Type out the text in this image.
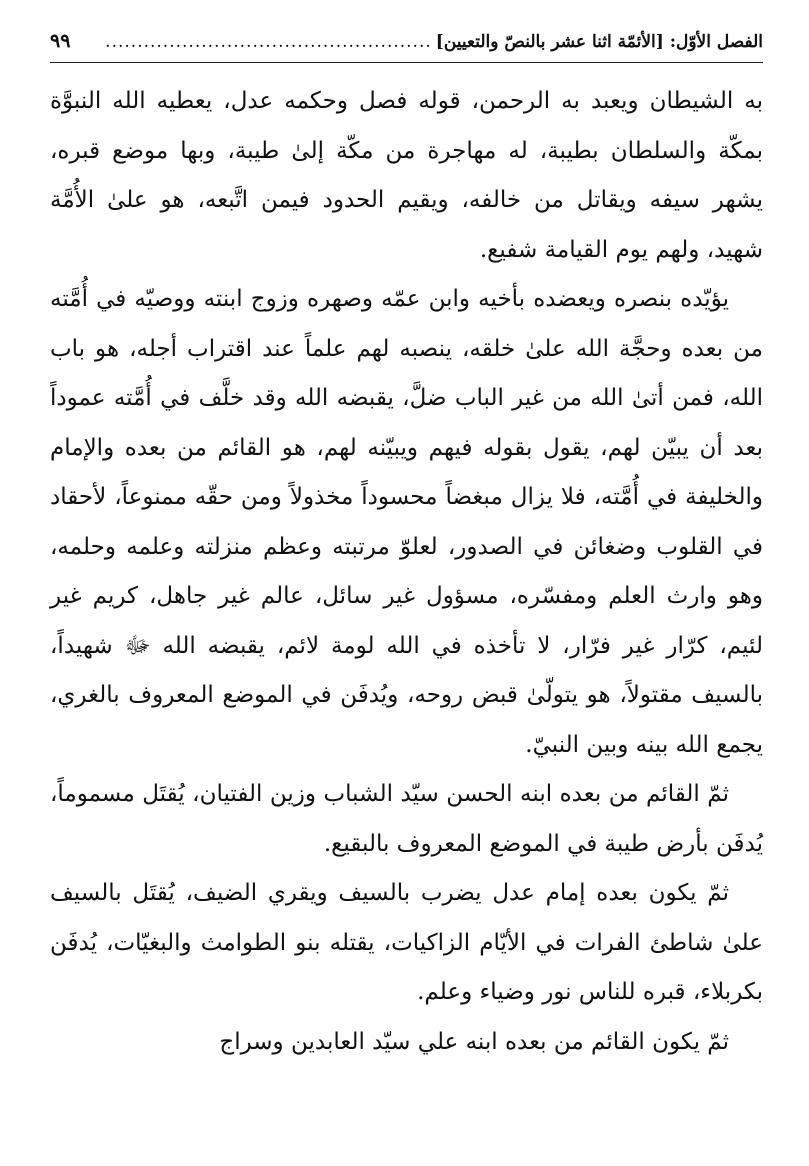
الفصل الأوّل: [الأئمّة اثنا عشر بالنصّ والتعيين]
...................................................
٩٩

به الشيطان ويعبد به الرحمن، قوله فصل وحكمه عدل، يعطيه الله النبوَّة بمكّة والسلطان بطيبة، له مهاجرة من مكّة إلىٰ طيبة، وبها موضع قبره، يشهر سيفه ويقاتل من خالفه، ويقيم الحدود فيمن اتَّبعه، هو علىٰ الأُمَّة شهيد، ولهم يوم القيامة شفيع.

يؤيّده بنصره ويعضده بأخيه وابن عمّه وصهره وزوج ابنته ووصيّه في أُمَّته من بعده وحجَّة الله علىٰ خلقه، ينصبه لهم علماً عند اقتراب أجله، هو باب الله، فمن أتىٰ الله من غير الباب ضلَّ، يقبضه الله وقد خلَّف في أُمَّته عموداً بعد أن يبيّن لهم، يقول بقوله فيهم ويبيّنه لهم، هو القائم من بعده والإمام والخليفة في أُمَّته، فلا يزال مبغضاً محسوداً مخذولاً ومن حقّه ممنوعاً، لأحقاد في القلوب وضغائن في الصدور، لعلوّ مرتبته وعظم منزلته وعلمه وحلمه، وهو وارث العلم ومفسّره، مسؤول غير سائل، عالم غير جاهل، كريم غير لئيم، كرّار غير فرّار، لا تأخذه في الله لومة لائم، يقبضه الله ﷻ شهيداً، بالسيف مقتولاً، هو يتولّىٰ قبض روحه، ويُدفَن في الموضع المعروف بالغري، يجمع الله بينه وبين النبيّ.

ثمّ القائم من بعده ابنه الحسن سيّد الشباب وزين الفتيان، يُقتَل مسموماً، يُدفَن بأرض طيبة في الموضع المعروف بالبقيع.

ثمّ يكون بعده إمام عدل يضرب بالسيف ويقري الضيف، يُقتَل بالسيف علىٰ شاطئ الفرات في الأيّام الزاكيات، يقتله بنو الطوامث والبغيّات، يُدفَن بكربلاء، قبره للناس نور وضياء وعلم.

ثمّ يكون القائم من بعده ابنه علي سيّد العابدين وسراج
